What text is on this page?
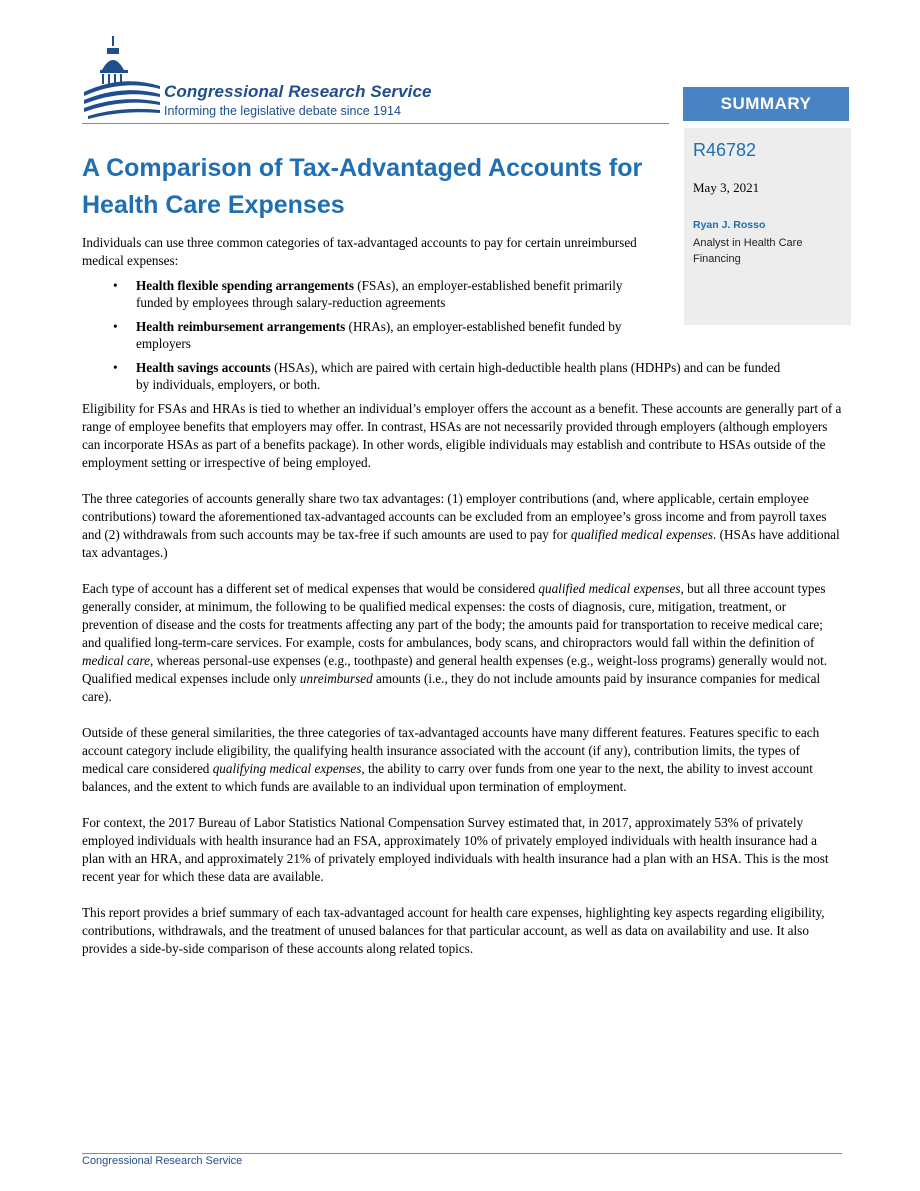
Congressional Research Service
Informing the legislative debate since 1914	SUMMARY
R46782
May 3, 2021
Ryan J. Rosso
Analyst in Health Care Financing
A Comparison of Tax-Advantaged Accounts for Health Care Expenses

Individuals can use three common categories of tax-advantaged accounts to pay for certain unreimbursed medical expenses:

• Health flexible spending arrangements (FSAs), an employer-established benefit primarily funded by employees through salary-reduction agreements
• Health reimbursement arrangements (HRAs), an employer-established benefit funded by employers
• Health savings accounts (HSAs), which are paired with certain high-deductible health plans (HDHPs) and can be funded by individuals, employers, or both.

Eligibility for FSAs and HRAs is tied to whether an individual’s employer offers the account as a benefit. These accounts are generally part of a range of employee benefits that employers may offer. In contrast, HSAs are not necessarily provided through employers (although employers can incorporate HSAs as part of a benefits package). In other words, eligible individuals may establish and contribute to HSAs outside of the employment setting or irrespective of being employed.

The three categories of accounts generally share two tax advantages: (1) employer contributions (and, where applicable, certain employee contributions) toward the aforementioned tax-advantaged accounts can be excluded from an employee’s gross income and from payroll taxes and (2) withdrawals from such accounts may be tax-free if such amounts are used to pay for qualified medical expenses. (HSAs have additional tax advantages.)

Each type of account has a different set of medical expenses that would be considered qualified medical expenses, but all three account types generally consider, at minimum, the following to be qualified medical expenses: the costs of diagnosis, cure, mitigation, treatment, or prevention of disease and the costs for treatments affecting any part of the body; the amounts paid for transportation to receive medical care; and qualified long-term-care services. For example, costs for ambulances, body scans, and chiropractors would fall within the definition of medical care, whereas personal-use expenses (e.g., toothpaste) and general health expenses (e.g., weight-loss programs) generally would not. Qualified medical expenses include only unreimbursed amounts (i.e., they do not include amounts paid by insurance companies for medical care).

Outside of these general similarities, the three categories of tax-advantaged accounts have many different features. Features specific to each account category include eligibility, the qualifying health insurance associated with the account (if any), contribution limits, the types of medical care considered qualifying medical expenses, the ability to carry over funds from one year to the next, the ability to invest account balances, and the extent to which funds are available to an individual upon termination of employment.

For context, the 2017 Bureau of Labor Statistics National Compensation Survey estimated that, in 2017, approximately 53% of privately employed individuals with health insurance had an FSA, approximately 10% of privately employed individuals with health insurance had a plan with an HRA, and approximately 21% of privately employed individuals with health insurance had a plan with an HSA. This is the most recent year for which these data are available.

This report provides a brief summary of each tax-advantaged account for health care expenses, highlighting key aspects regarding eligibility, contributions, withdrawals, and the treatment of unused balances for that particular account, as well as data on availability and use. It also provides a side-by-side comparison of these accounts along related topics.

Congressional Research Service
